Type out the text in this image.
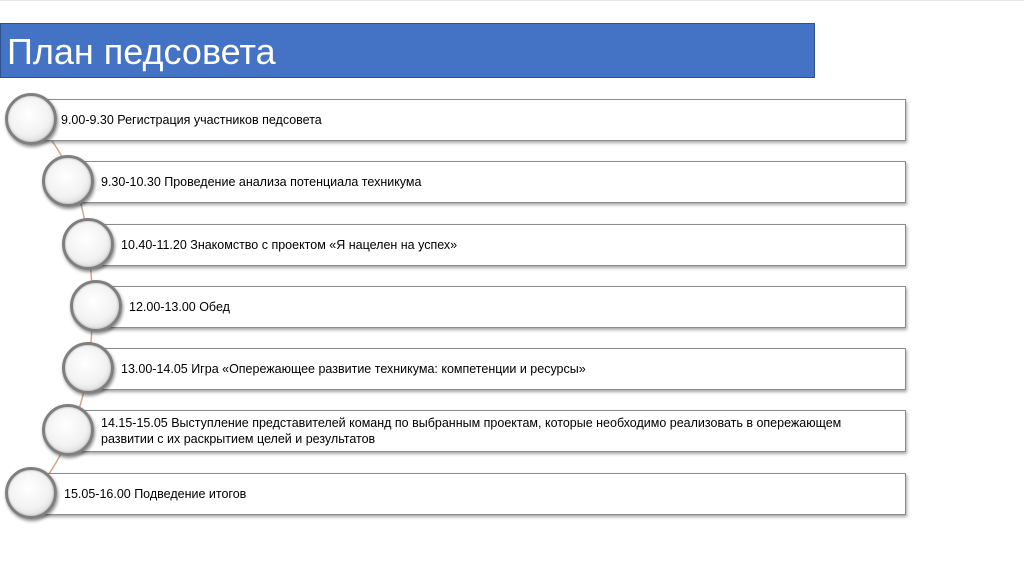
План педсовета
9.00-9.30 Регистрация участников педсовета
9.30-10.30 Проведение анализа потенциала техникума
10.40-11.20 Знакомство с проектом «Я нацелен на успех»
12.00-13.00 Обед
13.00-14.05 Игра «Опережающее развитие техникума: компетенции и ресурсы»
14.15-15.05 Выступление представителей команд по выбранным проектам, которые необходимо реализовать в опережающем развитии с их раскрытием целей и результатов
15.05-16.00 Подведение итогов
